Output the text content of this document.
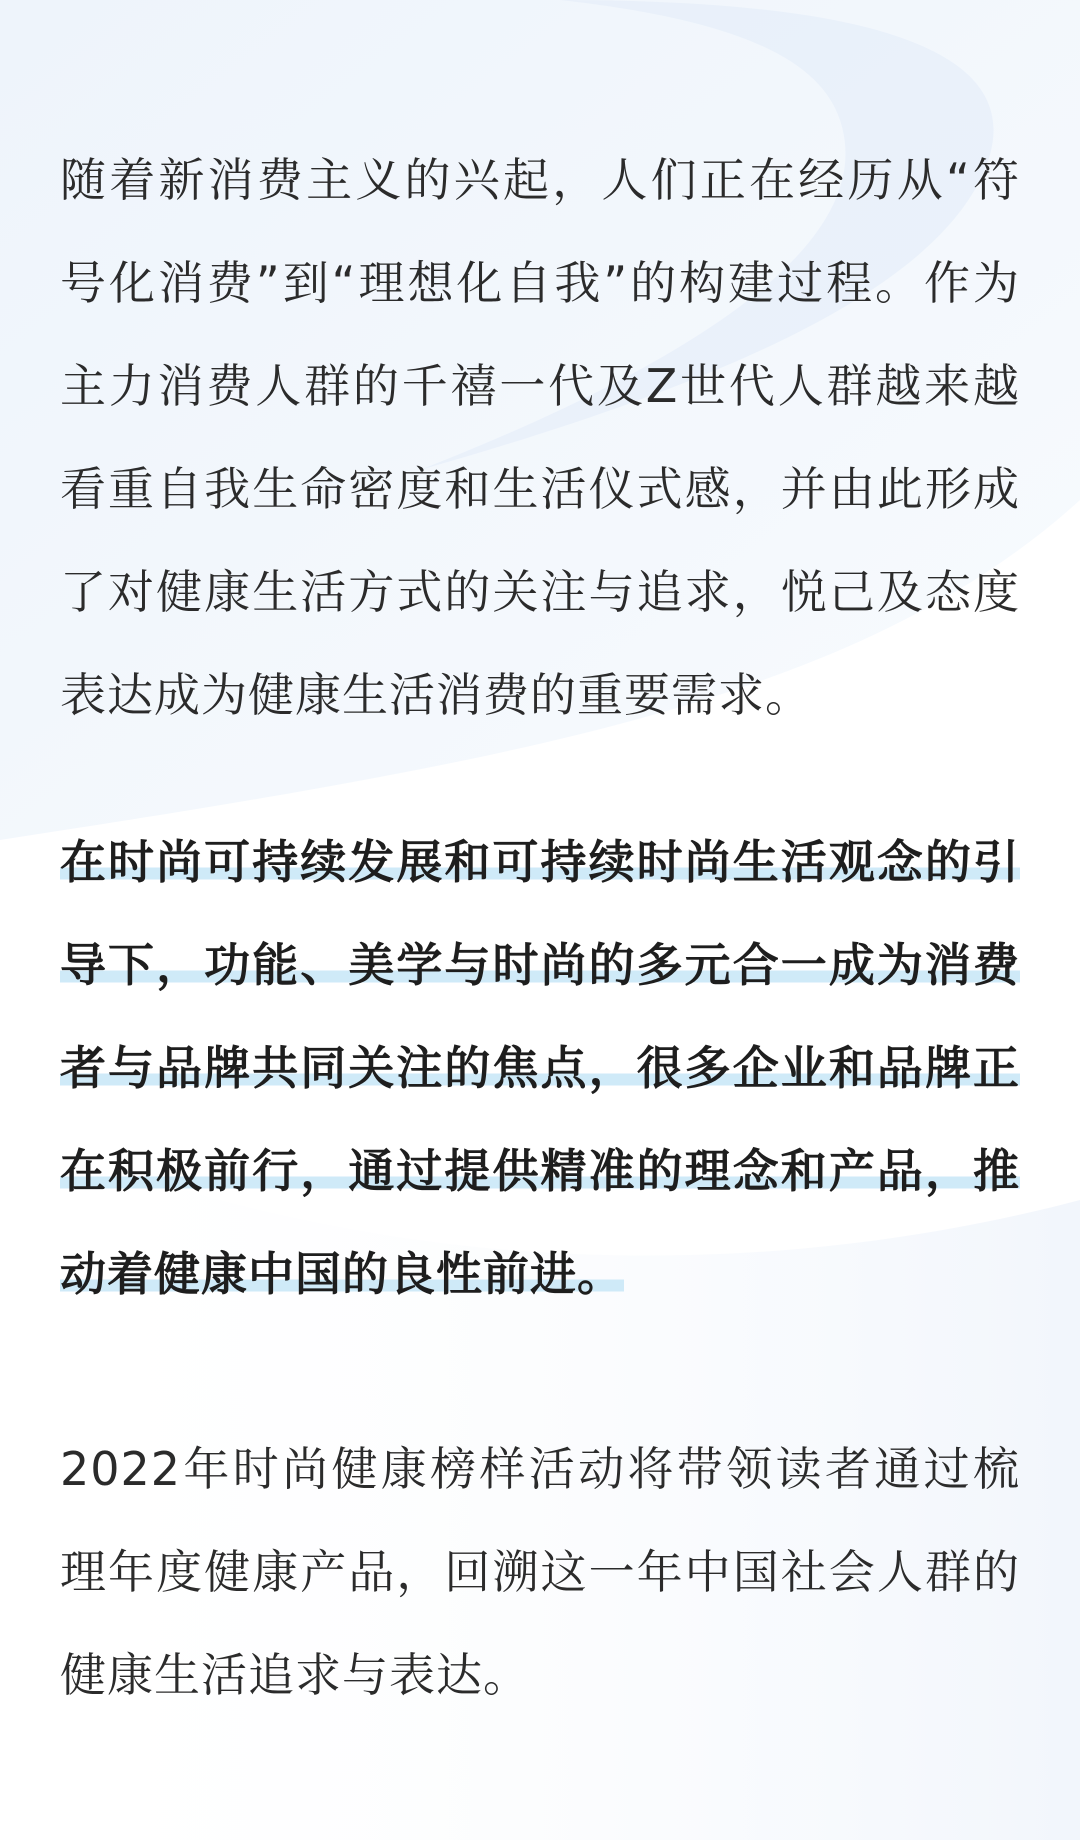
随着新消费主义的兴起，人们正在经历从“符号化消费”到“理想化自我”的构建过程。作为主力消费人群的千禧一代及Z世代人群越来越看重自我生命密度和生活仪式感，并由此形成了对健康生活方式的关注与追求，悦己及态度表达成为健康生活消费的重要需求。

在时尚可持续发展和可持续时尚生活观念的引导下，功能、美学与时尚的多元合一成为消费者与品牌共同关注的焦点，很多企业和品牌正在积极前行，通过提供精准的理念和产品，推动着健康中国的良性前进。

2022年时尚健康榜样活动将带领读者通过梳理年度健康产品，回溯这一年中国社会人群的健康生活追求与表达。
